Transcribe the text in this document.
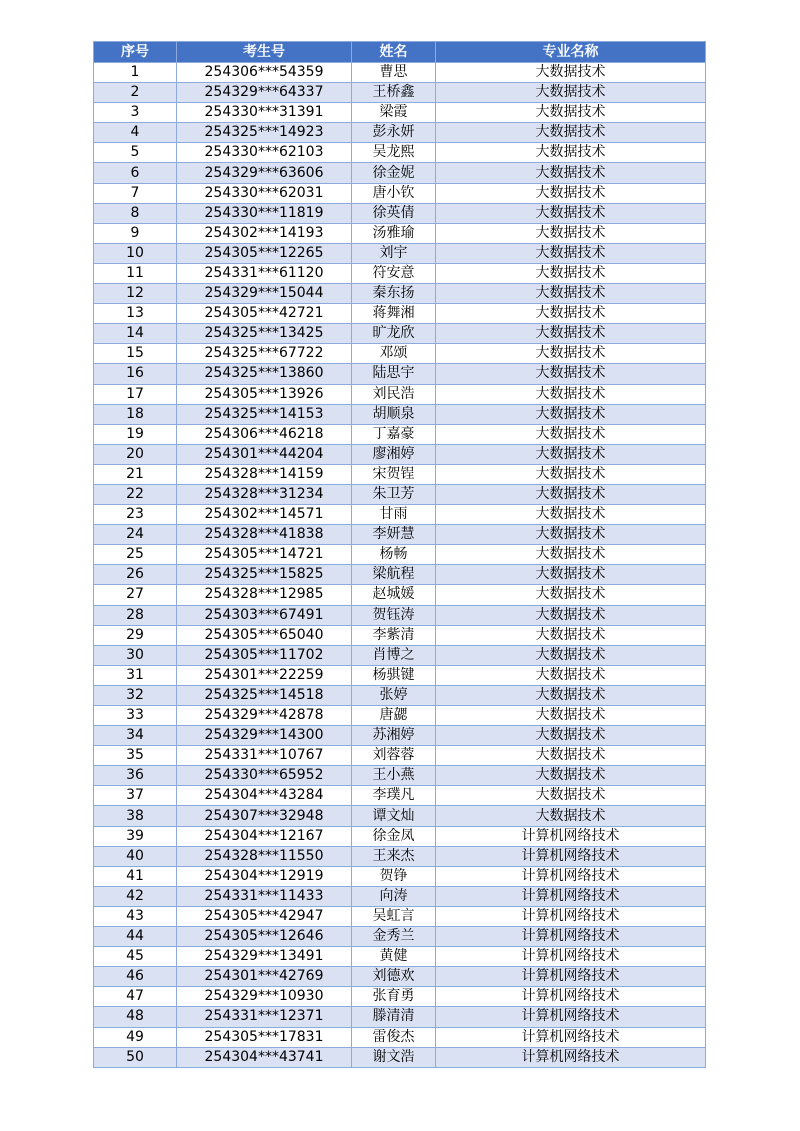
序号	考生号	姓名	专业名称
1	254306***54359	曹思	大数据技术
2	254329***64337	王桥鑫	大数据技术
3	254330***31391	梁霞	大数据技术
4	254325***14923	彭永妍	大数据技术
5	254330***62103	吴龙熙	大数据技术
6	254329***63606	徐金妮	大数据技术
7	254330***62031	唐小钦	大数据技术
8	254330***11819	徐英倩	大数据技术
9	254302***14193	汤雅瑜	大数据技术
10	254305***12265	刘宇	大数据技术
11	254331***61120	符安意	大数据技术
12	254329***15044	秦东扬	大数据技术
13	254305***42721	蒋舞湘	大数据技术
14	254325***13425	旷龙欣	大数据技术
15	254325***67722	邓颂	大数据技术
16	254325***13860	陆思宇	大数据技术
17	254305***13926	刘民浩	大数据技术
18	254325***14153	胡顺泉	大数据技术
19	254306***46218	丁嘉豪	大数据技术
20	254301***44204	廖湘婷	大数据技术
21	254328***14159	宋贺锃	大数据技术
22	254328***31234	朱卫芳	大数据技术
23	254302***14571	甘雨	大数据技术
24	254328***41838	李妍慧	大数据技术
25	254305***14721	杨畅	大数据技术
26	254325***15825	梁航程	大数据技术
27	254328***12985	赵城媛	大数据技术
28	254303***67491	贺钰涛	大数据技术
29	254305***65040	李紫清	大数据技术
30	254305***11702	肖博之	大数据技术
31	254301***22259	杨骐键	大数据技术
32	254325***14518	张婷	大数据技术
33	254329***42878	唐勰	大数据技术
34	254329***14300	苏湘婷	大数据技术
35	254331***10767	刘蓉蓉	大数据技术
36	254330***65952	王小燕	大数据技术
37	254304***43284	李璞凡	大数据技术
38	254307***32948	谭文灿	大数据技术
39	254304***12167	徐金凤	计算机网络技术
40	254328***11550	王来杰	计算机网络技术
41	254304***12919	贺铮	计算机网络技术
42	254331***11433	向涛	计算机网络技术
43	254305***42947	吴虹言	计算机网络技术
44	254305***12646	金秀兰	计算机网络技术
45	254329***13491	黄健	计算机网络技术
46	254301***42769	刘德欢	计算机网络技术
47	254329***10930	张育勇	计算机网络技术
48	254331***12371	滕清清	计算机网络技术
49	254305***17831	雷俊杰	计算机网络技术
50	254304***43741	谢文浩	计算机网络技术
